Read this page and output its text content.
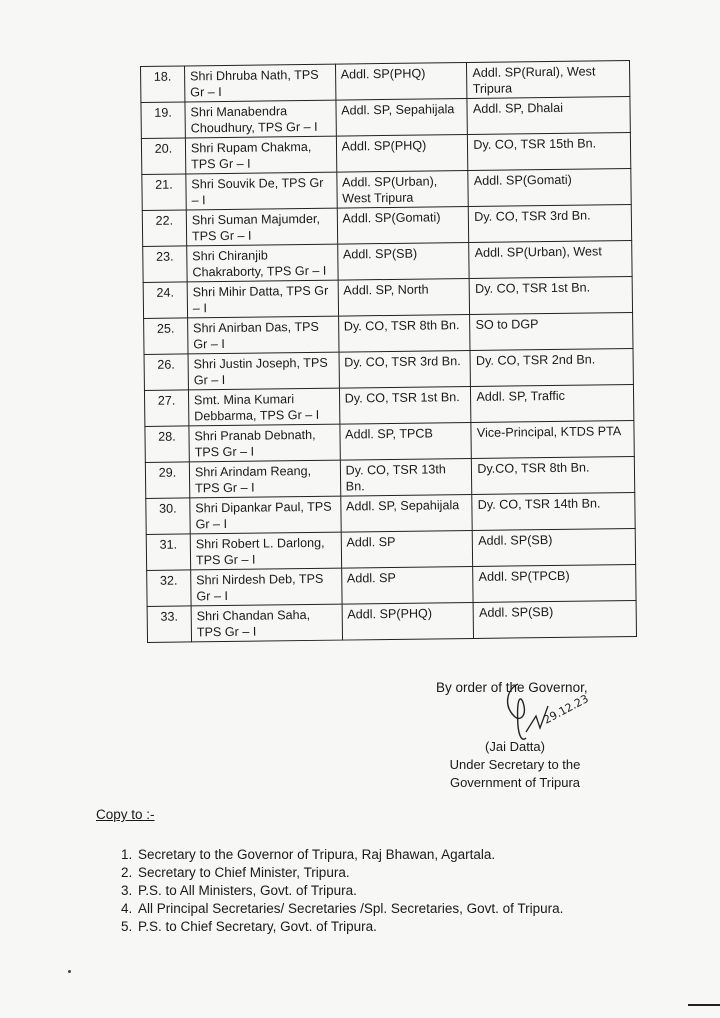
18.	Shri Dhruba Nath, TPS Gr – I	Addl. SP(PHQ)	Addl. SP(Rural), West Tripura
19.	Shri Manabendra Choudhury, TPS Gr – I	Addl. SP, Sepahijala	Addl. SP, Dhalai
20.	Shri Rupam Chakma, TPS Gr – I	Addl. SP(PHQ)	Dy. CO, TSR 15th Bn.
21.	Shri Souvik De, TPS Gr – I	Addl. SP(Urban), West Tripura	Addl. SP(Gomati)
22.	Shri Suman Majumder, TPS Gr – I	Addl. SP(Gomati)	Dy. CO, TSR 3rd Bn.
23.	Shri Chiranjib Chakraborty, TPS Gr – I	Addl. SP(SB)	Addl. SP(Urban), West
24.	Shri Mihir Datta, TPS Gr – I	Addl. SP, North	Dy. CO, TSR 1st Bn.
25.	Shri Anirban Das, TPS Gr – I	Dy. CO, TSR 8th Bn.	SO to DGP
26.	Shri Justin Joseph, TPS Gr – I	Dy. CO, TSR 3rd Bn.	Dy. CO, TSR 2nd Bn.
27.	Smt. Mina Kumari Debbarma, TPS Gr – I	Dy. CO, TSR 1st Bn.	Addl. SP, Traffic
28.	Shri Pranab Debnath, TPS Gr – I	Addl. SP, TPCB	Vice-Principal, KTDS PTA
29.	Shri Arindam Reang, TPS Gr – I	Dy. CO, TSR 13th Bn.	Dy.CO, TSR 8th Bn.
30.	Shri Dipankar Paul, TPS Gr – I	Addl. SP, Sepahijala	Dy. CO, TSR 14th Bn.
31.	Shri Robert L. Darlong, TPS Gr – I	Addl. SP	Addl. SP(SB)
32.	Shri Nirdesh Deb, TPS Gr – I	Addl. SP	Addl. SP(TPCB)
33.	Shri Chandan Saha, TPS Gr – I	Addl. SP(PHQ)	Addl. SP(SB)
By order of the Governor,
29.12.23
(Jai Datta)
Under Secretary to the
Government of Tripura
Copy to :-
1. Secretary to the Governor of Tripura, Raj Bhawan, Agartala.
2. Secretary to Chief Minister, Tripura.
3. P.S. to All Ministers, Govt. of Tripura.
4. All Principal Secretaries/ Secretaries /Spl. Secretaries, Govt. of Tripura.
5. P.S. to Chief Secretary, Govt. of Tripura.
